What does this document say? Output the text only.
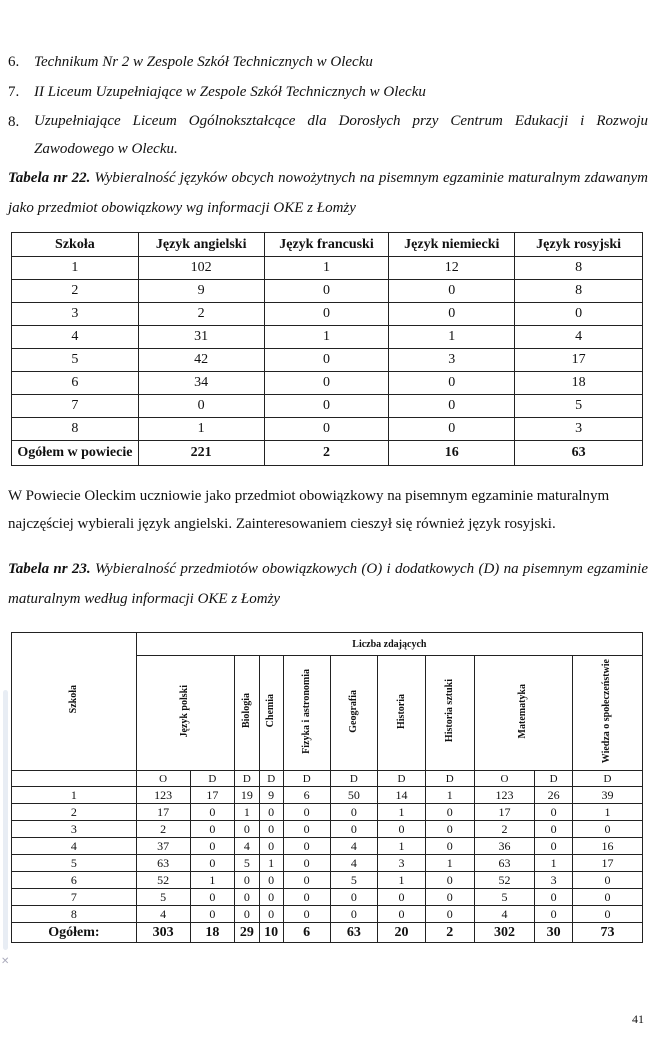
6. Technikum Nr 2 w Zespole Szkół Technicznych w Olecku
7. II Liceum Uzupełniające w Zespole Szkół Technicznych w Olecku
8. Uzupełniające Liceum Ogólnokształcące dla Dorosłych przy Centrum Edukacji i Rozwoju
Zawodowego w Olecku.
Tabela nr 22. Wybieralność języków obcych nowożytnych na pisemnym egzaminie maturalnym zdawanym jako przedmiot obowiązkowy wg informacji OKE z Łomży
Szkoła	Język angielski	Język francuski	Język niemiecki	Język rosyjski
1	102	1	12	8
2	9	0	0	8
3	2	0	0	0
4	31	1	1	4
5	42	0	3	17
6	34	0	0	18
7	0	0	0	5
8	1	0	0	3
Ogółem w powiecie	221	2	16	63
W Powiecie Oleckim uczniowie jako przedmiot obowiązkowy na pisemnym egzaminie maturalnym najczęściej wybierali język angielski. Zainteresowaniem cieszył się również język rosyjski.
Tabela nr 23. Wybieralność przedmiotów obowiązkowych (O) i dodatkowych (D) na pisemnym egzaminie maturalnym według informacji OKE z Łomży
Szkoła	Liczba zdających										
	Język polski		Biologia	Chemia	Fizyka i astronomia	Geografia	Historia	Historia sztuki	Matematyka		Wiedza o społeczeństwie
	O	D	D	D	D	D	D	D	O	D	D
1	123	17	19	9	6	50	14	1	123	26	39
2	17	0	1	0	0	0	1	0	17	0	1
3	2	0	0	0	0	0	0	0	2	0	0
4	37	0	4	0	0	4	1	0	36	0	16
5	63	0	5	1	0	4	3	1	63	1	17
6	52	1	0	0	0	5	1	0	52	3	0
7	5	0	0	0	0	0	0	0	5	0	0
8	4	0	0	0	0	0	0	0	4	0	0
Ogółem:	303	18	29	10	6	63	20	2	302	30	73
✕
41
